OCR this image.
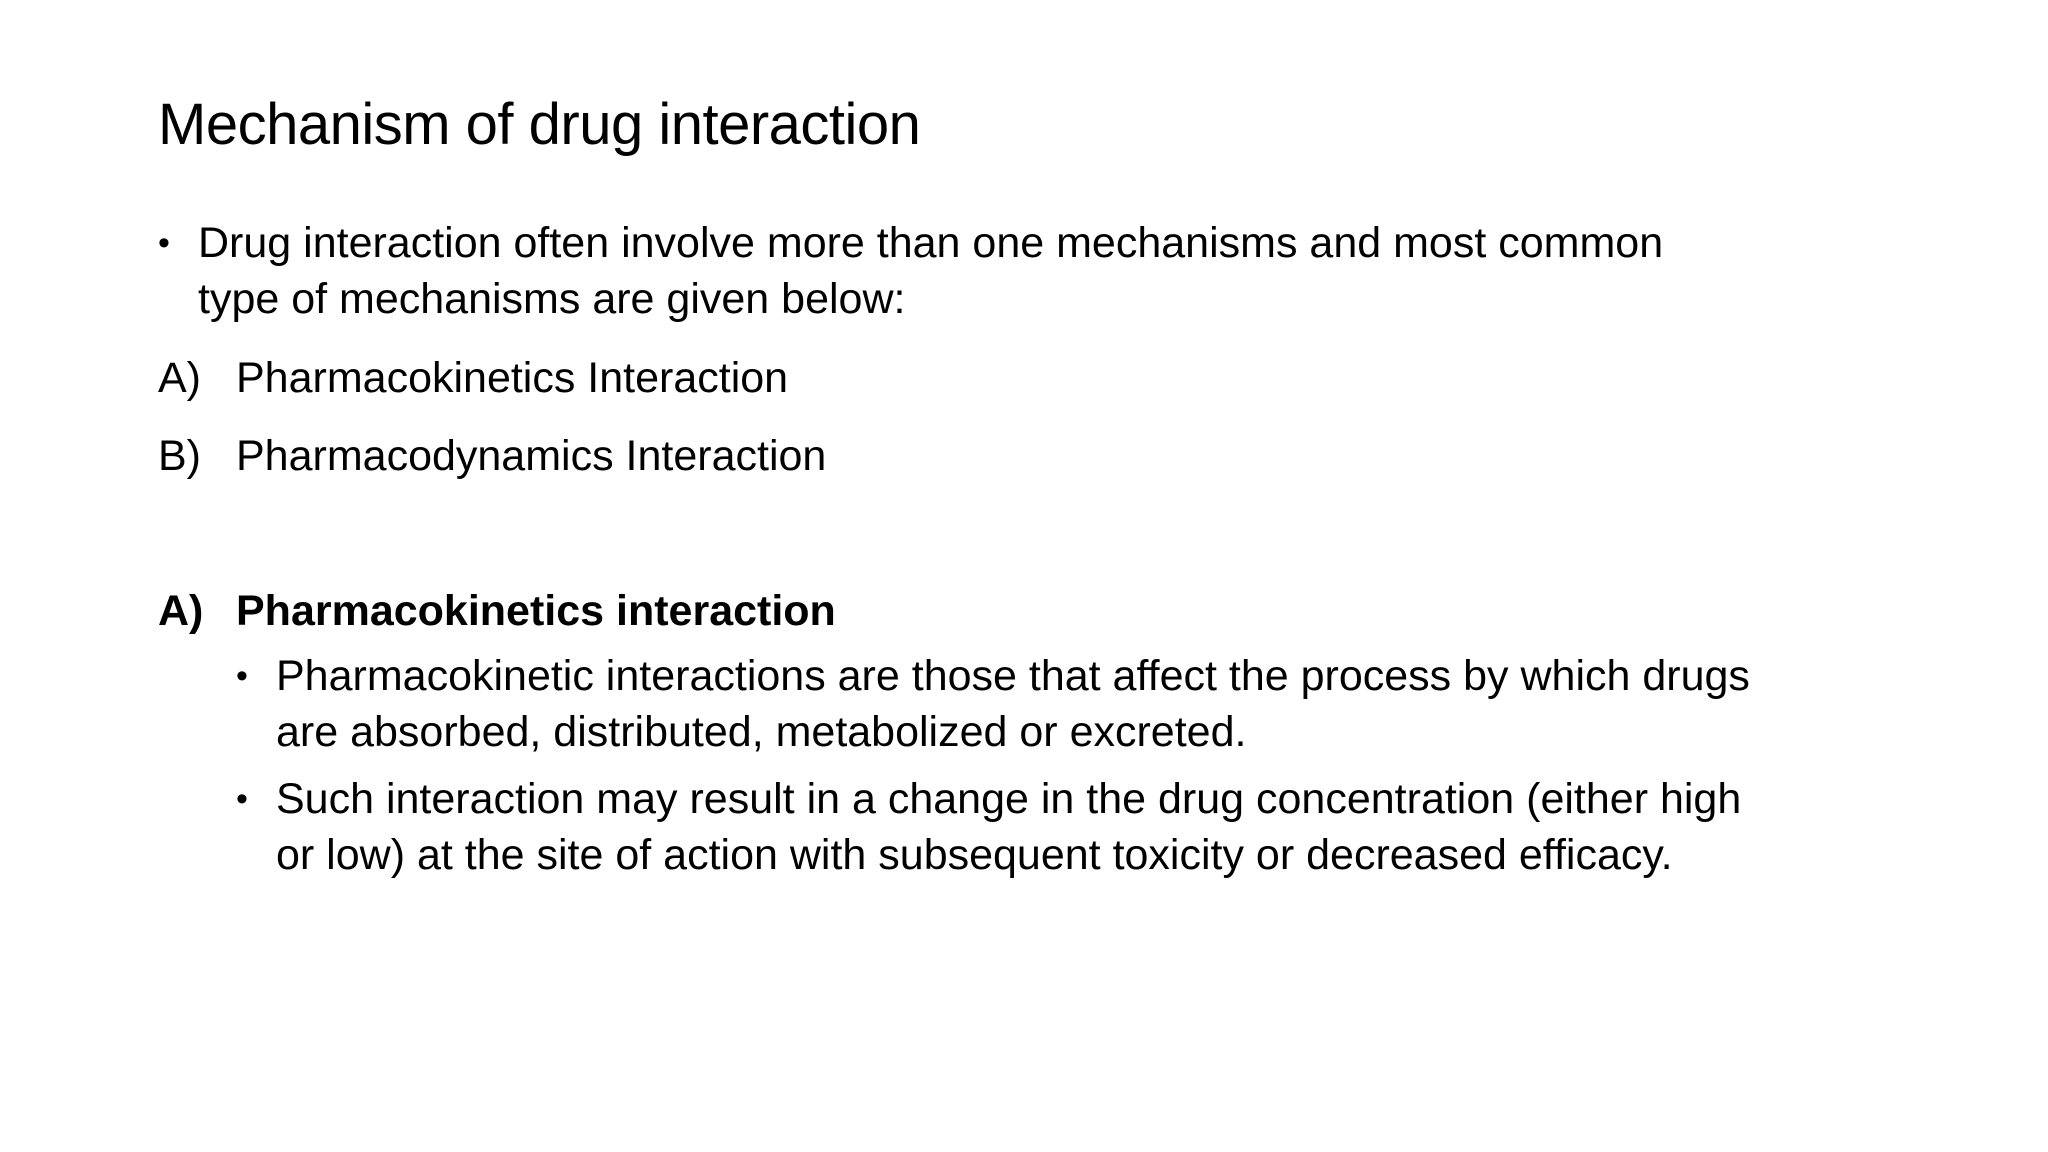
Mechanism of drug interaction
• Drug interaction often involve more than one mechanisms and most common
type of mechanisms are given below:
A) Pharmacokinetics Interaction
B) Pharmacodynamics Interaction
A) Pharmacokinetics interaction
• Pharmacokinetic interactions are those that affect the process by which drugs
are absorbed, distributed, metabolized or excreted.
• Such interaction may result in a change in the drug concentration (either high
or low) at the site of action with subsequent toxicity or decreased efficacy.
